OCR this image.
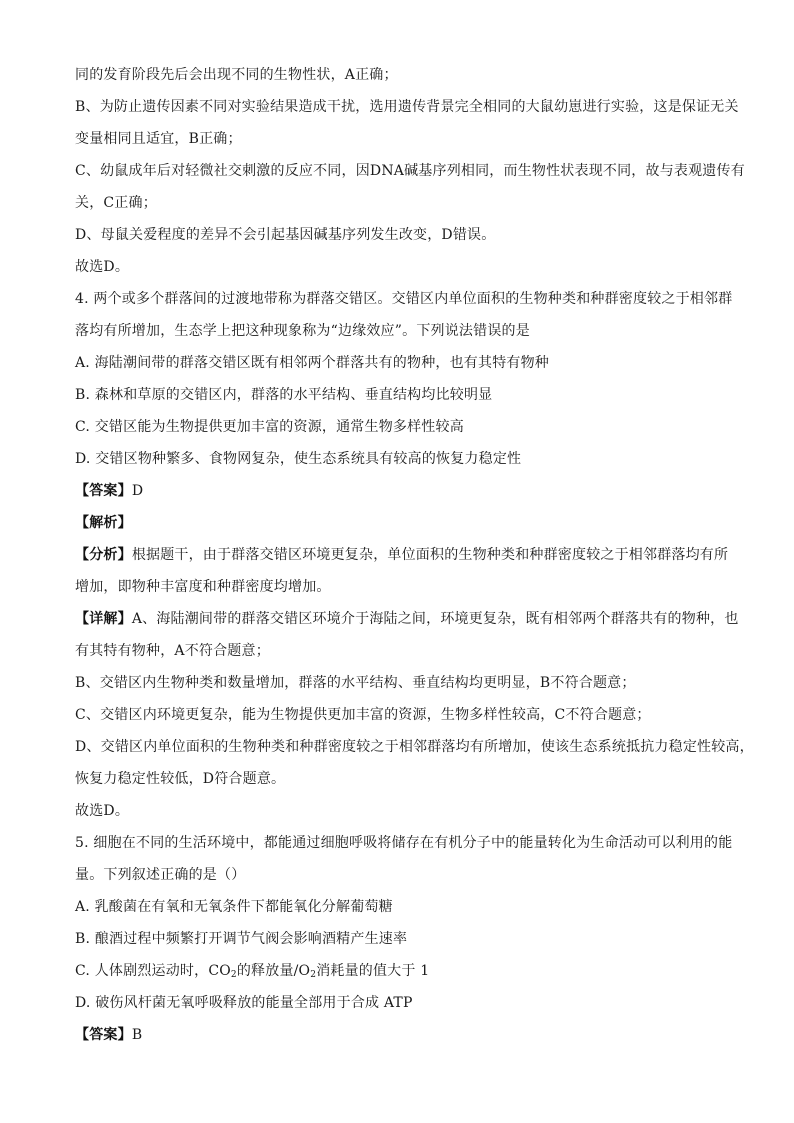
同的发育阶段先后会出现不同的生物性状，A正确；
B、为防止遗传因素不同对实验结果造成干扰，选用遗传背景完全相同的大鼠幼崽进行实验，这是保证无关
变量相同且适宜，B正确；
C、幼鼠成年后对轻微社交刺激的反应不同，因DNA碱基序列相同，而生物性状表现不同，故与表观遗传有
关，C正确；
D、母鼠关爱程度的差异不会引起基因碱基序列发生改变，D错误。
故选D。
4. 两个或多个群落间的过渡地带称为群落交错区。交错区内单位面积的生物种类和种群密度较之于相邻群
落均有所增加，生态学上把这种现象称为“边缘效应”。下列说法错误的是
A. 海陆潮间带的群落交错区既有相邻两个群落共有的物种，也有其特有物种
B. 森林和草原的交错区内，群落的水平结构、垂直结构均比较明显
C. 交错区能为生物提供更加丰富的资源，通常生物多样性较高
D. 交错区物种繁多、食物网复杂，使生态系统具有较高的恢复力稳定性
【答案】D
【解析】
【分析】根据题干，由于群落交错区环境更复杂，单位面积的生物种类和种群密度较之于相邻群落均有所
增加，即物种丰富度和种群密度均增加。
【详解】A、海陆潮间带的群落交错区环境介于海陆之间，环境更复杂，既有相邻两个群落共有的物种，也
有其特有物种，A不符合题意；
B、交错区内生物种类和数量增加，群落的水平结构、垂直结构均更明显，B不符合题意；
C、交错区内环境更复杂，能为生物提供更加丰富的资源，生物多样性较高，C不符合题意；
D、交错区内单位面积的生物种类和种群密度较之于相邻群落均有所增加，使该生态系统抵抗力稳定性较高，
恢复力稳定性较低，D符合题意。
故选D。
5. 细胞在不同的生活环境中，都能通过细胞呼吸将储存在有机分子中的能量转化为生命活动可以利用的能
量。下列叙述正确的是（）
A. 乳酸菌在有氧和无氧条件下都能氧化分解葡萄糖
B. 酿酒过程中频繁打开调节气阀会影响酒精产生速率
C. 人体剧烈运动时，$CO_2$的释放量$/O_2$消耗量的值大于 1
D. 破伤风杆菌无氧呼吸释放的能量全部用于合成 ATP
【答案】B
